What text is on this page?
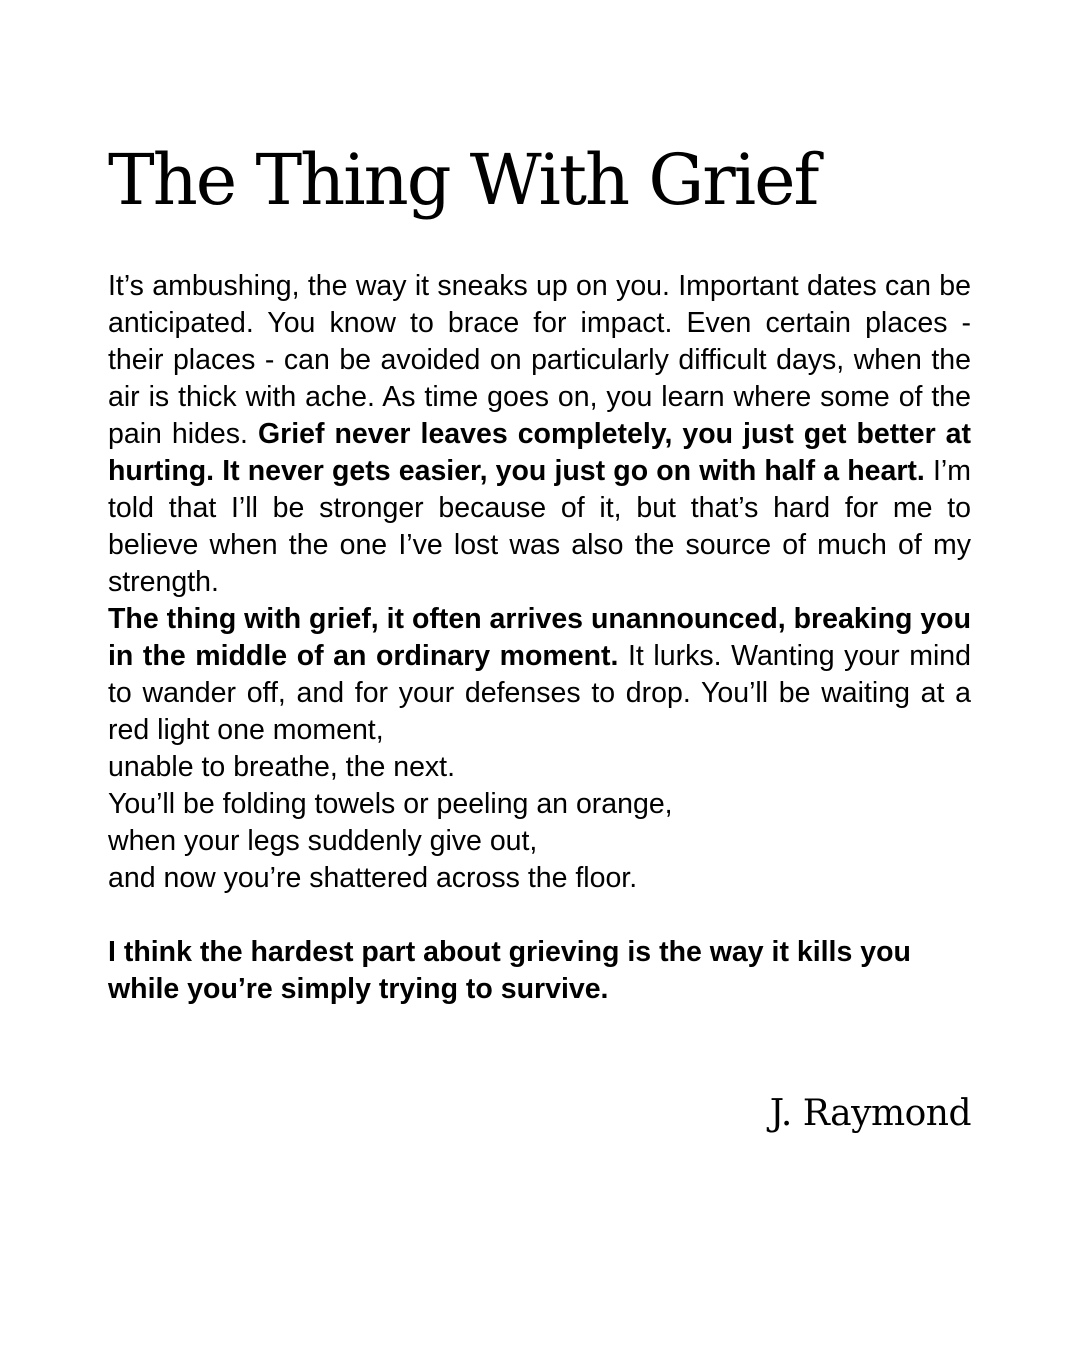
The Thing With Grief

It’s ambushing, the way it sneaks up on you. Important dates can be anticipated. You know to brace for impact. Even certain places - their places - can be avoided on particularly difficult days, when the air is thick with ache. As time goes on, you learn where some of the pain hides. Grief never leaves completely, you just get better at hurting. It never gets easier, you just go on with half a heart. I’m told that I’ll be stronger because of it, but that’s hard for me to believe when the one I’ve lost was also the source of much of my strength.

The thing with grief, it often arrives unannounced, breaking you in the middle of an ordinary moment. It lurks. Wanting your mind to wander off, and for your defenses to drop. You’ll be waiting at a red light one moment,

unable to breathe, the next.

You’ll be folding towels or peeling an orange,

when your legs suddenly give out,

and now you’re shattered across the floor.

I think the hardest part about grieving is the way it kills you while you’re simply trying to survive.

J. Raymond
